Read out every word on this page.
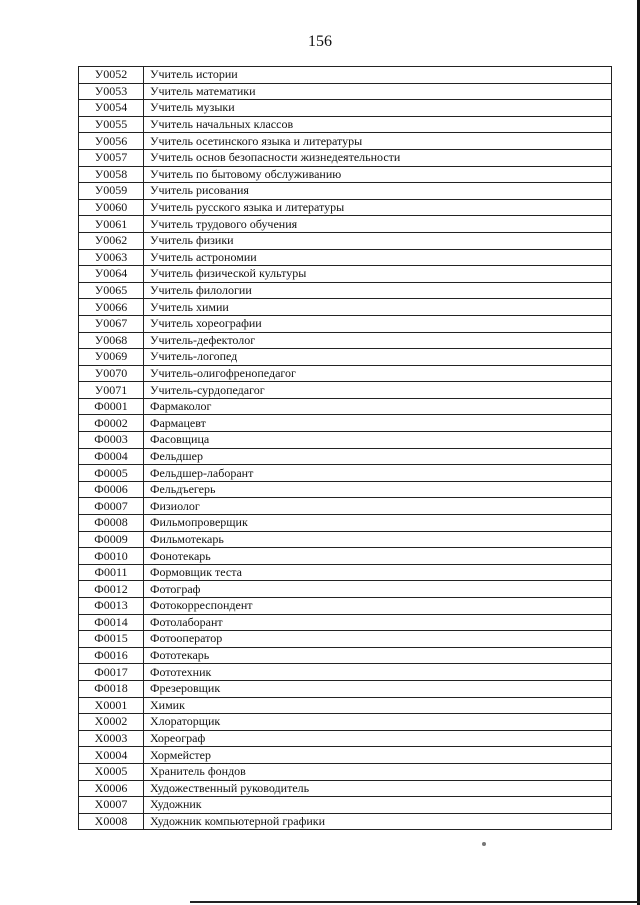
156
У0052	Учитель истории
У0053	Учитель математики
У0054	Учитель музыки
У0055	Учитель начальных классов
У0056	Учитель осетинского языка и литературы
У0057	Учитель основ безопасности жизнедеятельности
У0058	Учитель по бытовому обслуживанию
У0059	Учитель рисования
У0060	Учитель русского языка и литературы
У0061	Учитель трудового обучения
У0062	Учитель физики
У0063	Учитель астрономии
У0064	Учитель физической культуры
У0065	Учитель филологии
У0066	Учитель химии
У0067	Учитель хореографии
У0068	Учитель-дефектолог
У0069	Учитель-логопед
У0070	Учитель-олигофренопедагог
У0071	Учитель-сурдопедагог
Ф0001	Фармаколог
Ф0002	Фармацевт
Ф0003	Фасовщица
Ф0004	Фельдшер
Ф0005	Фельдшер-лаборант
Ф0006	Фельдъегерь
Ф0007	Физиолог
Ф0008	Фильмопроверщик
Ф0009	Фильмотекарь
Ф0010	Фонотекарь
Ф0011	Формовщик теста
Ф0012	Фотограф
Ф0013	Фотокорреспондент
Ф0014	Фотолаборант
Ф0015	Фотооператор
Ф0016	Фототекарь
Ф0017	Фототехник
Ф0018	Фрезеровщик
Х0001	Химик
Х0002	Хлораторщик
Х0003	Хореограф
Х0004	Хормейстер
Х0005	Хранитель фондов
Х0006	Художественный руководитель
Х0007	Художник
Х0008	Художник компьютерной графики
